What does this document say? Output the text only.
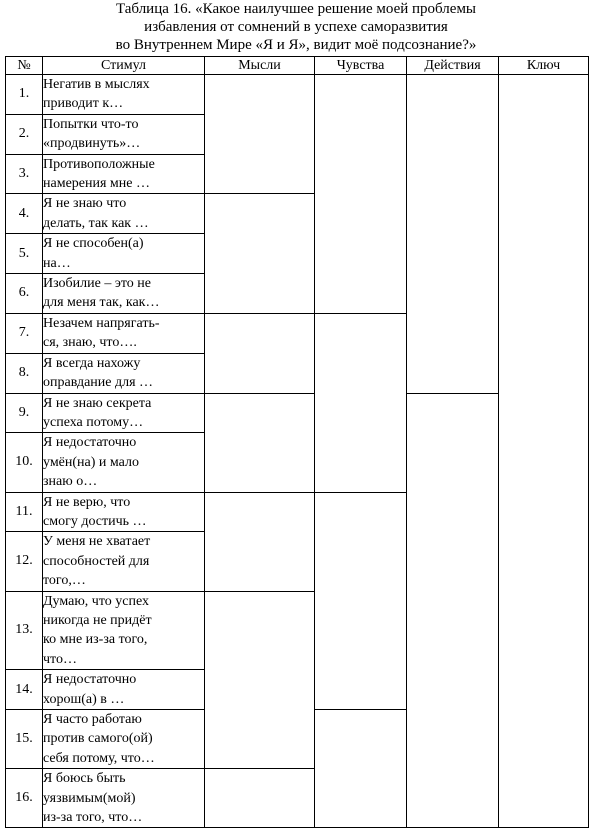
Таблица 16. «Какое наилучшее решение моей проблемы
избавления от сомнений в успехе саморазвития
во Внутреннем Мире «Я и Я», видит моё подсознание?»
№	Стимул	Мысли	Чувства	Действия	Ключ
1.	Негатив в мыслях
приводит к…				

2.	Попытки что-то
«продвинуть»…				

3.	Противоположные
намерения мне …				

4.	Я не знаю что
делать, так как …				

5.	Я не способен(а)
на…				

6.	Изобилие – это не
для меня так, как…				

7.	Незачем напрягать-
ся, знаю, что….				

8.	Я всегда нахожу
оправдание для …				

9.	Я не знаю секрета
успеха потому…				

10.	Я недостаточно
умён(на) и мало
знаю о…				

11.	Я не верю, что
смогу достичь …				

12.	У меня не хватает
способностей для
того,…				

13.	Думаю, что успех
никогда не придёт
ко мне из-за того,
что…				

14.	Я недостаточно
хорош(а) в …				

15.	Я часто работаю
против самого(ой)
себя потому, что…				

16.	Я боюсь быть
уязвимым(мой)
из-за того, что…				
